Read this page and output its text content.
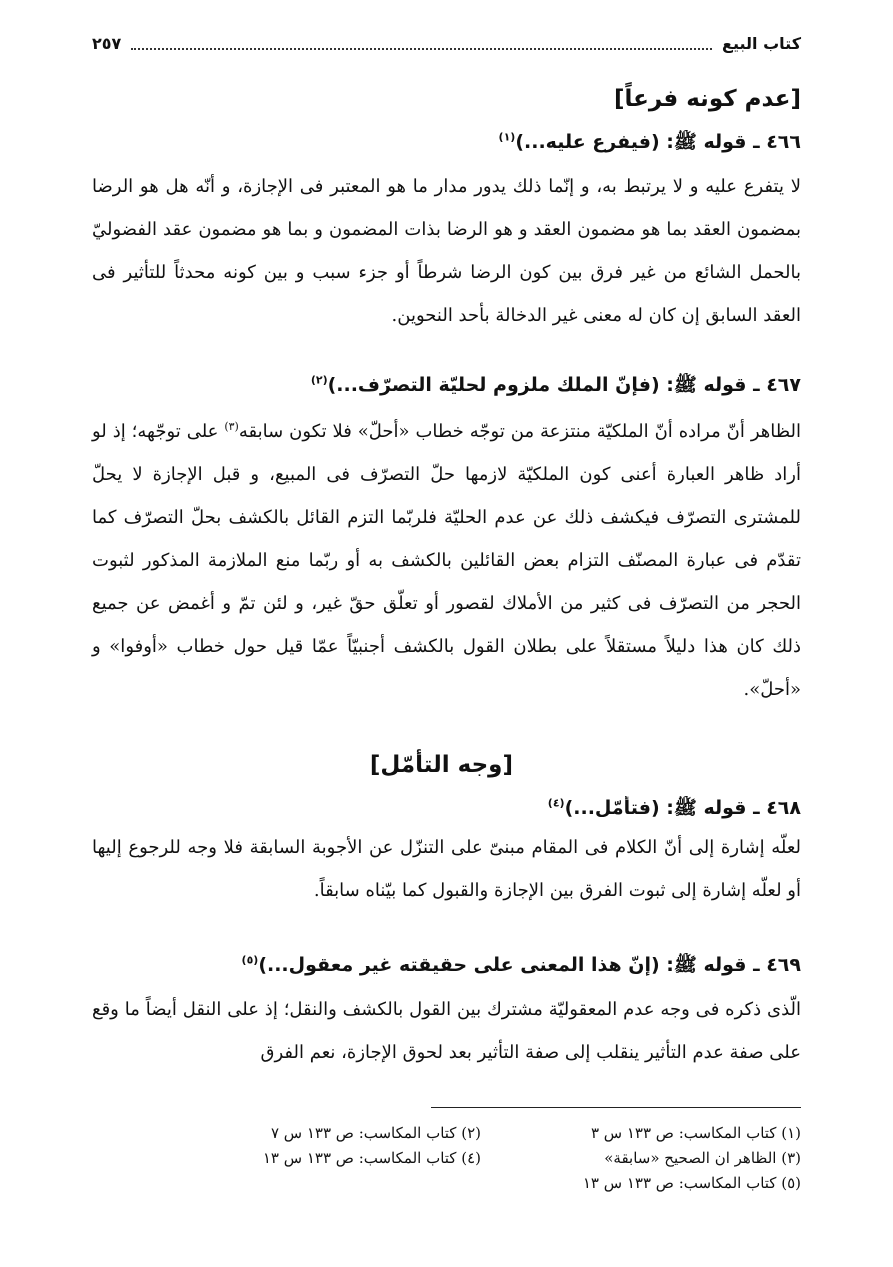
كتاب البيع
٢٥٧
[عدم كونه فرعاً]
٤٦٦ ـ قوله ﷺ: (فيفرع عليه...)$^{(١)}$

لا يتفرع عليه و لا يرتبط به، و إنّما ذلك يدور مدار ما هو المعتبر فى الإجازة، و أنّه هل هو الرضا بمضمون العقد بما هو مضمون العقد و هو الرضا بذات المضمون و بما هو مضمون عقد الفضوليّ بالحمل الشائع من غير فرق بين كون الرضا شرطاً أو جزء سبب و بين كونه محدثاً للتأثير فى العقد السابق إن كان له معنى غير الدخالة بأحد النحوين.

٤٦٧ ـ قوله ﷺ: (فإنّ الملك ملزوم لحليّة التصرّف...)$^{(٢)}$

الظاهر أنّ مراده أنّ الملكيّة منتزعة من توجّه خطاب «أحلّ» فلا تكون سابقه$^{(٣)}$ على توجّهه؛ إذ لو أراد ظاهر العبارة أعنى كون الملكيّة لازمها حلّ التصرّف فى المبيع، و قبل الإجازة لا يحلّ للمشترى التصرّف فيكشف ذلك عن عدم الحليّة فلربّما التزم القائل بالكشف بحلّ التصرّف كما تقدّم فى عبارة المصنّف التزام بعض القائلين بالكشف به أو ربّما منع الملازمة المذكور لثبوت الحجر من التصرّف فى كثير من الأملاك لقصور أو تعلّق حقّ غير، و لئن تمّ و أغمض عن جميع ذلك كان هذا دليلاً مستقلاً على بطلان القول بالكشف أجنبيّاً عمّا قيل حول خطاب «أوفوا» و «أحلّ».

[وجه التأمّل]
٤٦٨ ـ قوله ﷺ: (فتأمّل...)$^{(٤)}$

لعلّه إشارة إلى أنّ الكلام فى المقام مبنىّ على التنزّل عن الأجوبة السابقة فلا وجه للرجوع إليها أو لعلّه إشارة إلى ثبوت الفرق بين الإجازة والقبول كما بيّناه سابقاً.

٤٦٩ ـ قوله ﷺ: (إنّ هذا المعنى على حقيقته غير معقول...)$^{(٥)}$

الّذى ذكره فى وجه عدم المعقوليّة مشترك بين القول بالكشف والنقل؛ إذ على النقل أيضاً ما وقع على صفة عدم التأثير ينقلب إلى صفة التأثير بعد لحوق الإجازة، نعم الفرق

(١) كتاب المكاسب: ص ١٣٣ س ٣
(٢) كتاب المكاسب: ص ١٣٣ س ٧
(٣) الظاهر ان الصحيح «سابقة»
(٤) كتاب المكاسب: ص ١٣٣ س ١٣
(٥) كتاب المكاسب: ص ١٣٣ س ١٣
